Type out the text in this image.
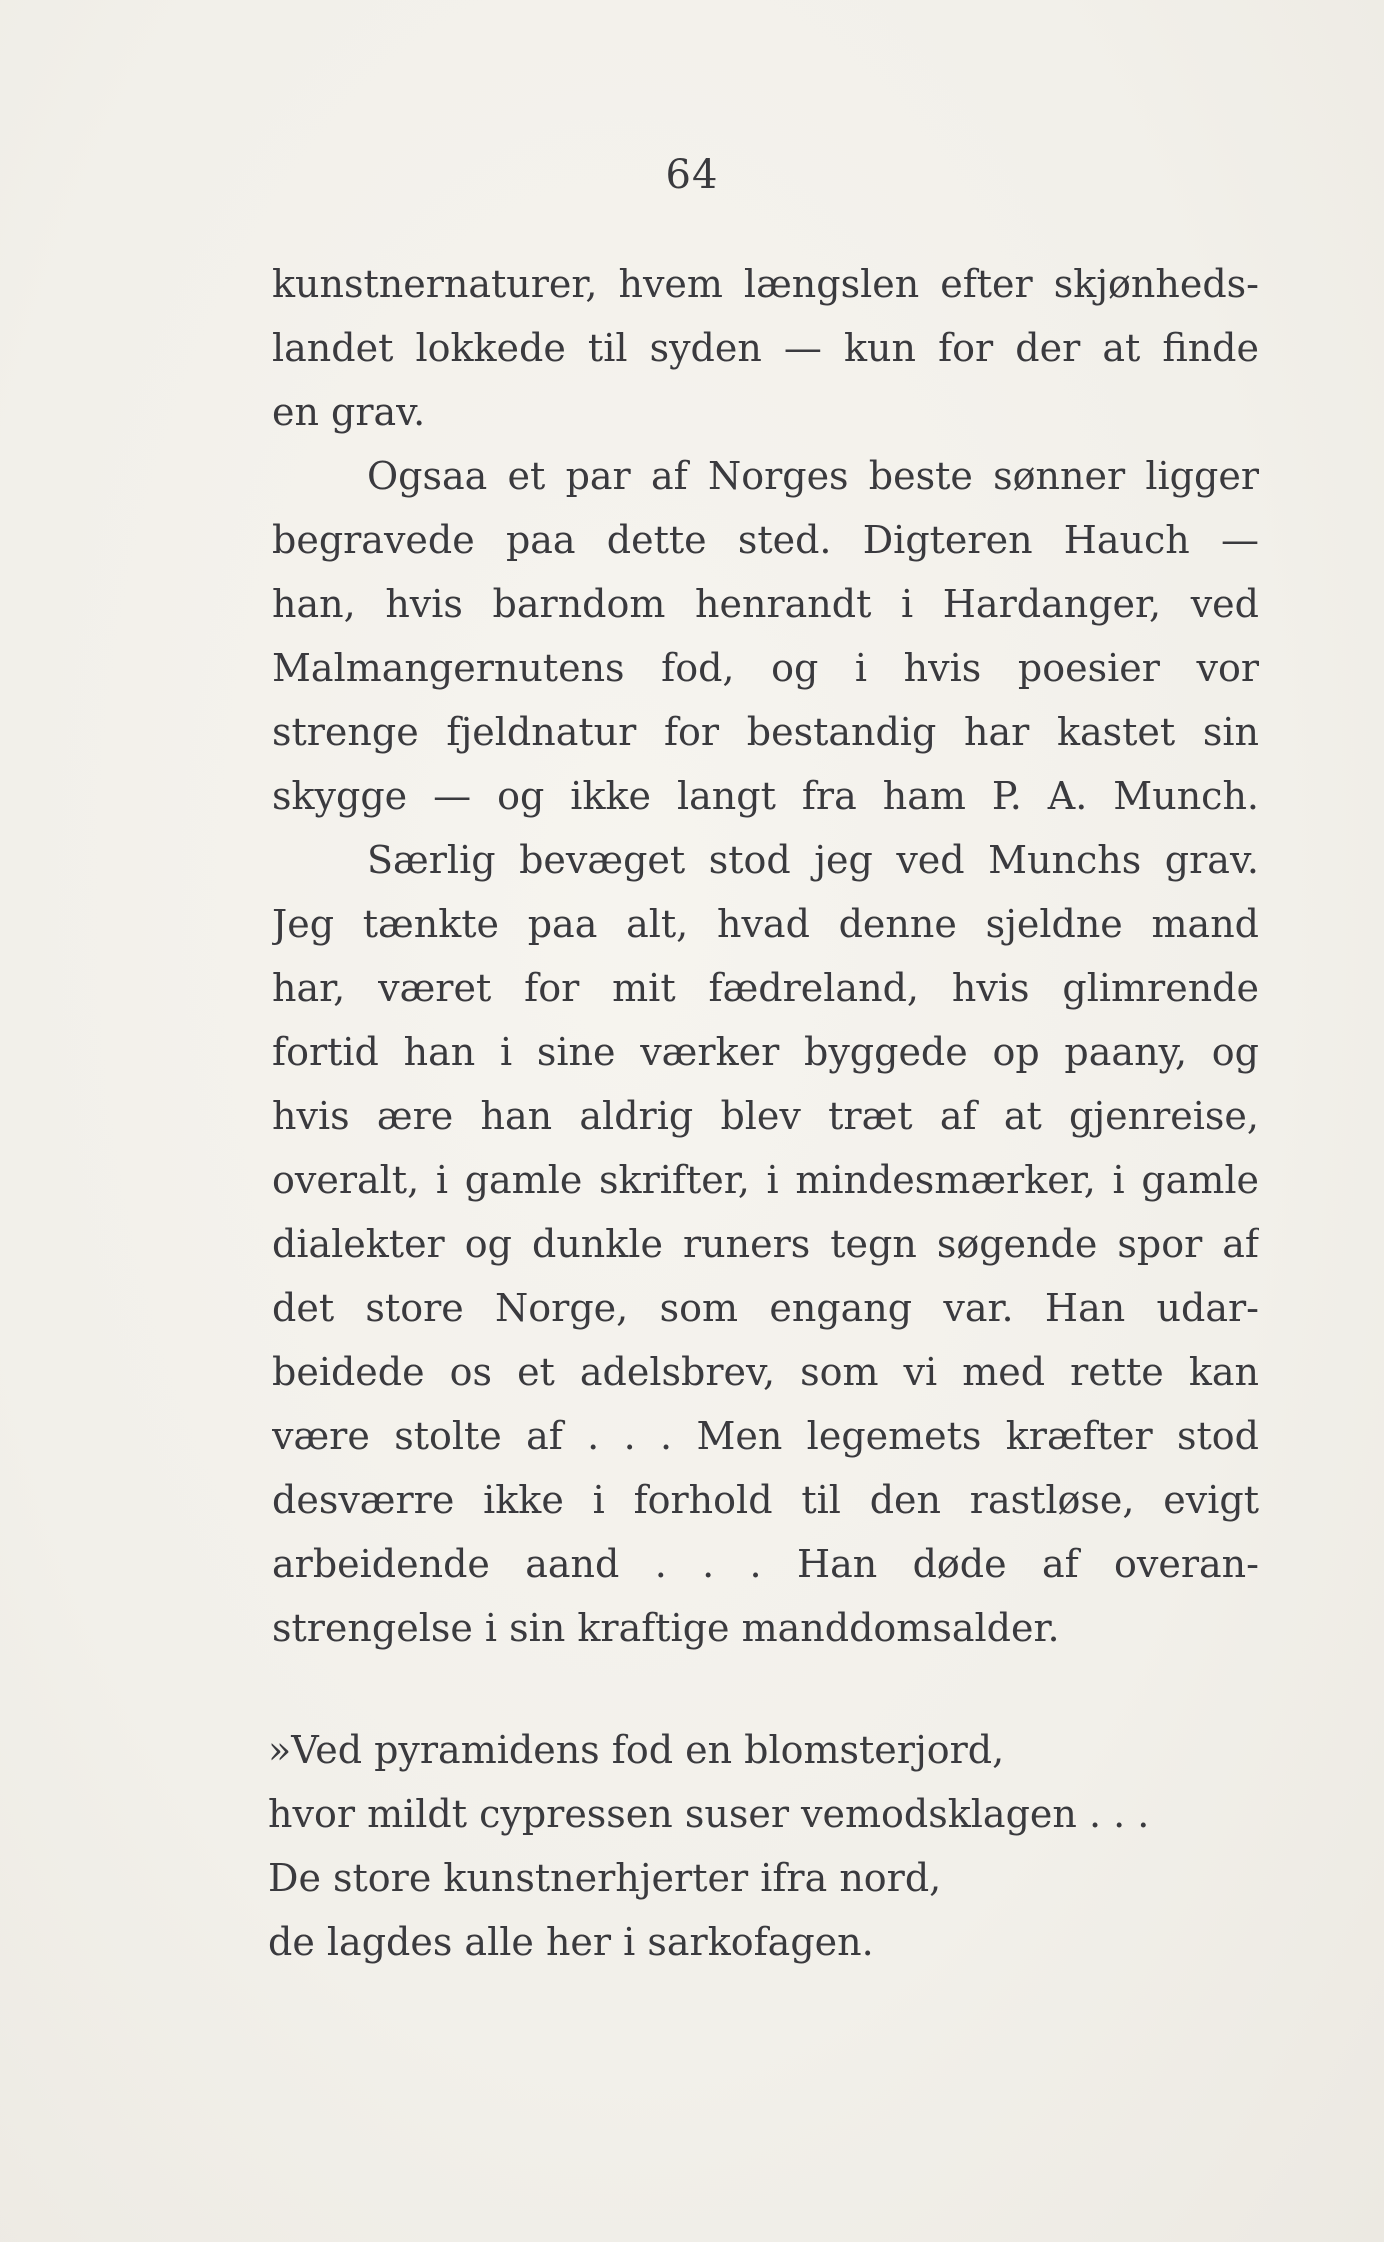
64
kunstnernaturer, hvem længslen efter skjønheds-
landet lokkede til syden — kun for der at finde
en grav.
Ogsaa et par af Norges beste sønner ligger
begravede paa dette sted. Digteren Hauch —
han, hvis barndom henrandt i Hardanger, ved
Malmangernutens fod, og i hvis poesier vor
strenge fjeldnatur for bestandig har kastet sin
skygge — og ikke langt fra ham P. A. Munch.
Særlig bevæget stod jeg ved Munchs grav.
Jeg tænkte paa alt, hvad denne sjeldne mand
har, været for mit fædreland, hvis glimrende
fortid han i sine værker byggede op paany, og
hvis ære han aldrig blev træt af at gjenreise,
overalt, i gamle skrifter, i mindesmærker, i gamle
dialekter og dunkle runers tegn søgende spor af
det store Norge, som engang var. Han udar-
beidede os et adelsbrev, som vi med rette kan
være stolte af . . . Men legemets kræfter stod
desværre ikke i forhold til den rastløse, evigt
arbeidende aand . . . Han døde af overan-
strengelse i sin kraftige manddomsalder.
»Ved pyramidens fod en blomsterjord,
hvor mildt cypressen suser vemodsklagen . . .
De store kunstnerhjerter ifra nord,
de lagdes alle her i sarkofagen.
